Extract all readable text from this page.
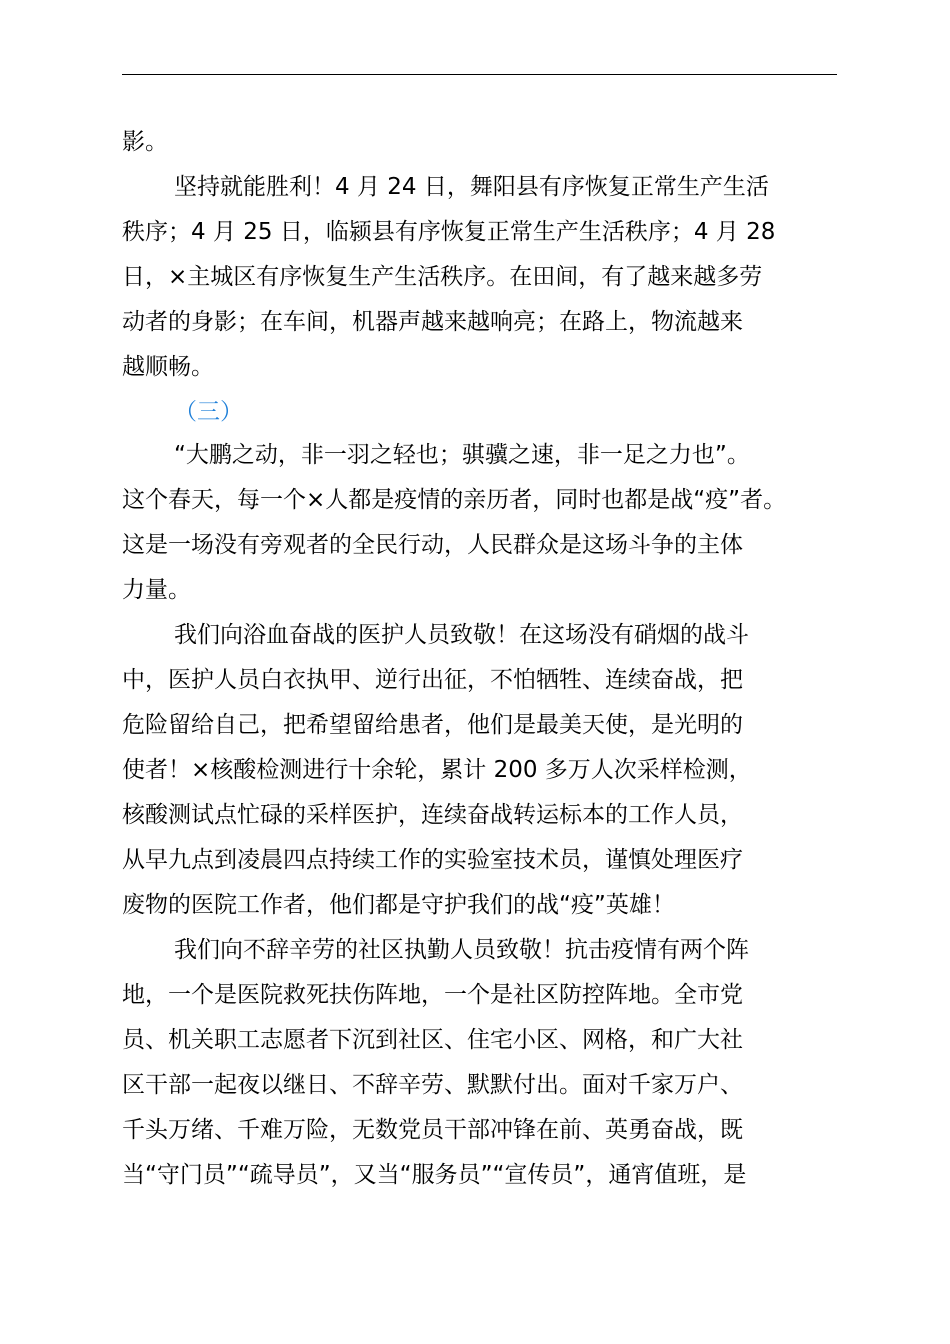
影。
坚持就能胜利！4 月 24 日，舞阳县有序恢复正常生产生活
秩序；4 月 25 日，临颍县有序恢复正常生产生活秩序；4 月 28
日，×主城区有序恢复生产生活秩序。在田间，有了越来越多劳
动者的身影；在车间，机器声越来越响亮；在路上，物流越来
越顺畅。
（三）
“大鹏之动，非一羽之轻也；骐骥之速，非一足之力也”。
这个春天，每一个×人都是疫情的亲历者，同时也都是战“疫”者。
这是一场没有旁观者的全民行动，人民群众是这场斗争的主体
力量。
我们向浴血奋战的医护人员致敬！在这场没有硝烟的战斗
中，医护人员白衣执甲、逆行出征，不怕牺牲、连续奋战，把
危险留给自己，把希望留给患者，他们是最美天使，是光明的
使者！×核酸检测进行十余轮，累计 200 多万人次采样检测，
核酸测试点忙碌的采样医护，连续奋战转运标本的工作人员，
从早九点到凌晨四点持续工作的实验室技术员，谨慎处理医疗
废物的医院工作者，他们都是守护我们的战“疫”英雄！
我们向不辞辛劳的社区执勤人员致敬！抗击疫情有两个阵
地，一个是医院救死扶伤阵地，一个是社区防控阵地。全市党
员、机关职工志愿者下沉到社区、住宅小区、网格，和广大社
区干部一起夜以继日、不辞辛劳、默默付出。面对千家万户、
千头万绪、千难万险，无数党员干部冲锋在前、英勇奋战，既
当“守门员”“疏导员”，又当“服务员”“宣传员”，通宵值班，是
